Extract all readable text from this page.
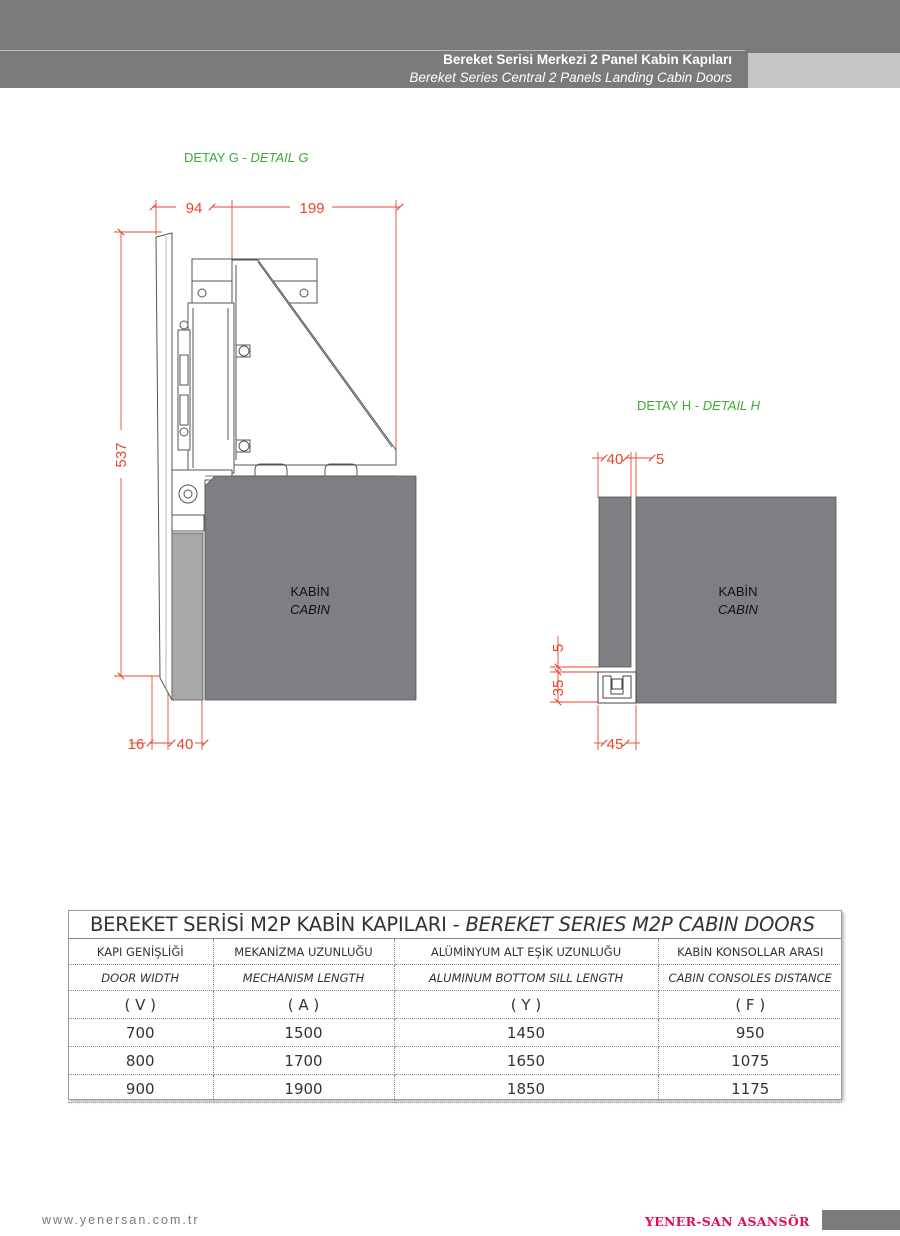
Bereket Serisi Merkezi 2 Panel Kabin Kapıları
Bereket Series Central 2 Panels Landing Cabin Doors
DETAY G - DETAIL G
94	199
537
16 40
KABİN
CABIN
DETAY H - DETAIL H
40 5
5
35
45
KABİN
CABIN
BEREKET SERİSİ M2P KABİN KAPILARI - BEREKET SERIES M2P CABIN DOORS			
KAPI GENİŞLİĞİ	MEKANİZMA UZUNLUĞU	ALÜMİNYUM ALT EŞİK UZUNLUĞU	KABİN KONSOLLAR ARASI
DOOR WIDTH	MECHANISM LENGTH	ALUMINUM BOTTOM SILL LENGTH	CABIN CONSOLES DISTANCE
( V )	( A )	( Y )	( F )
700	1500	1450	950
800	1700	1650	1075
900	1900	1850	1175
www.yenersan.com.tr	YENER-SAN ASANSÖR
